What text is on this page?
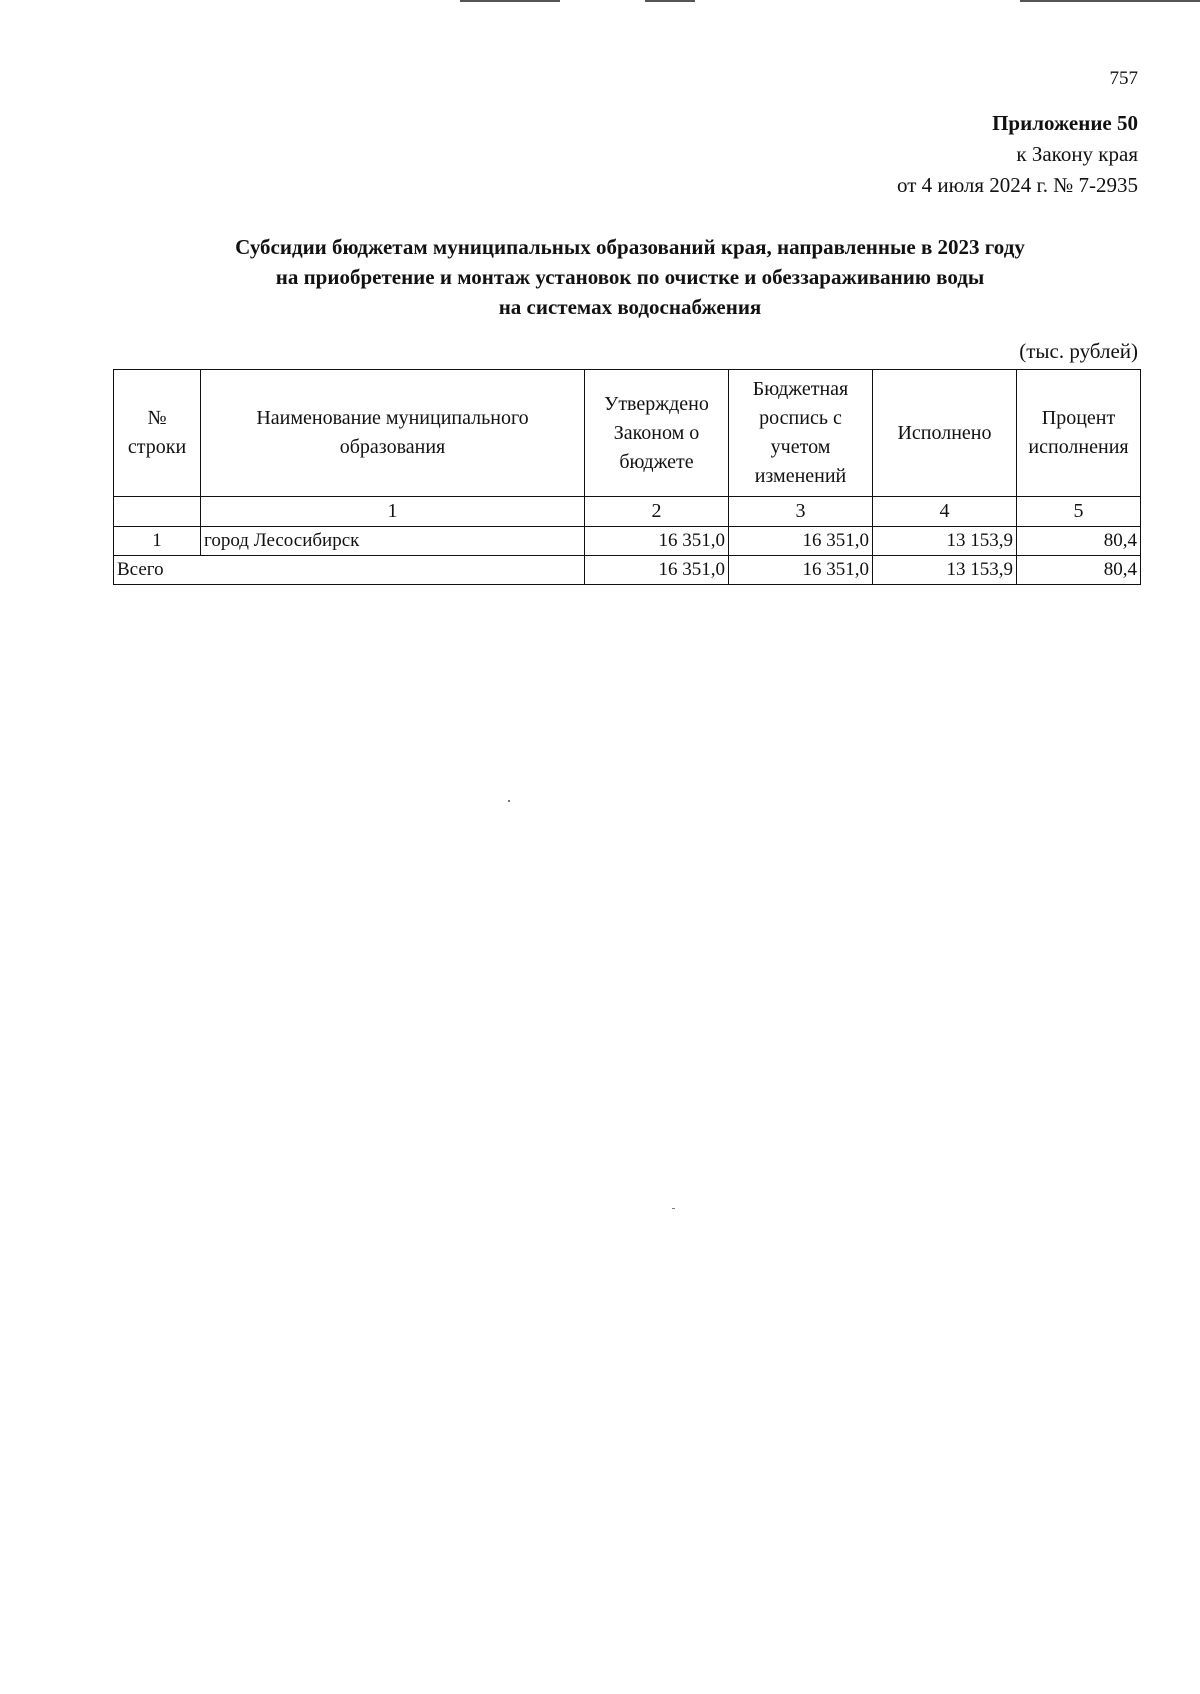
757
Приложение 50
к Закону края
от 4 июля 2024 г. № 7-2935
Субсидии бюджетам муниципальных образований края, направленные в 2023 году
на приобретение и монтаж установок по очистке и обеззараживанию воды
на системах водоснабжения
(тыс. рублей)
№ строки	Наименование муниципального образования	Утверждено Законом о бюджете	Бюджетная роспись с учетом изменений	Исполнено	Процент исполнения
	1	2	3	4	5
1	город Лесосибирск	16 351,0	16 351,0	13 153,9	80,4
Всего		16 351,0	16 351,0	13 153,9	80,4
